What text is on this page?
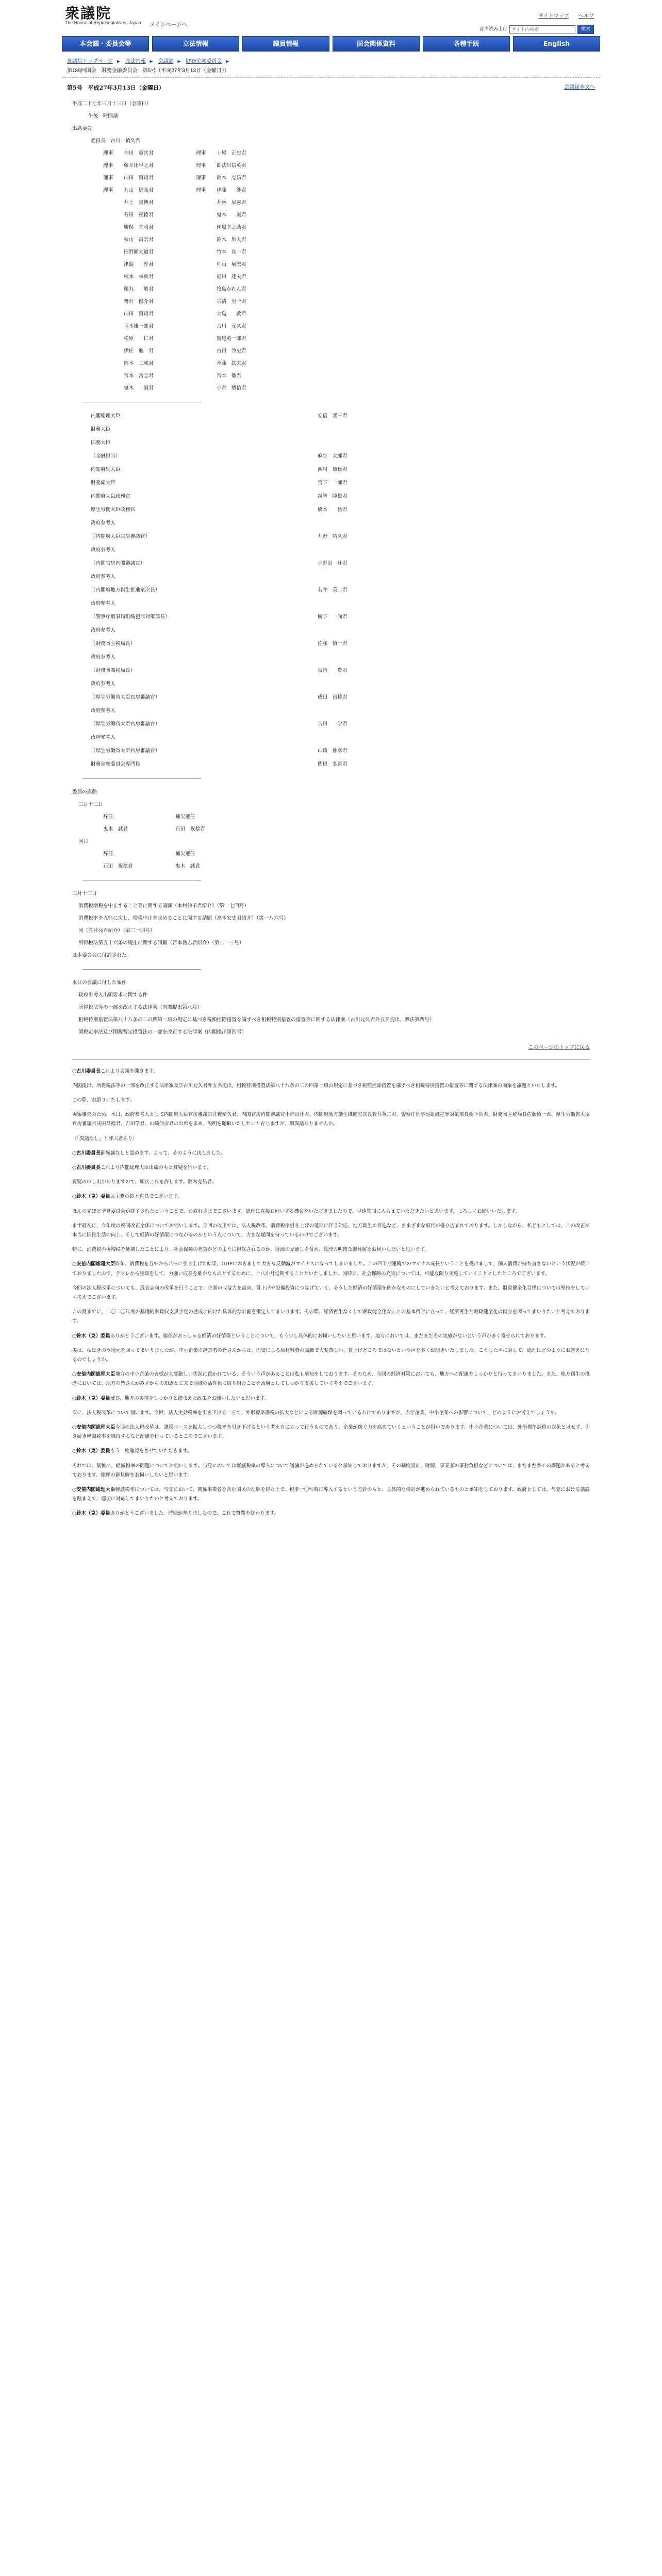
衆議院
The House of Representatives, Japan メインページへ
サイトマップ ヘルプ
音声読み上げ
サイト内検索	検索
本会議・委員会等	立法情報	議員情報	国会関係資料	各種手続	English
衆議院トップページ ▸ 立法情報 ▸ 会議録 ▸ 財務金融委員会 ▸
第189回国会　財務金融委員会　第5号（平成27年3月13日（金曜日））
第5号　平成27年3月13日（金曜日）	会議録本文へ
平成二十七年三月十三日（金曜日）
　　午後一時開議
出席委員
委員長　古川　禎久君
理事	神田　憲次君	理事	土屋　正忠君
理事	藤井比早之君	理事	御法川信英君
理事	山田　賢司君	理事	鈴木　克昌君
理事	丸山　穂高君	理事	伊藤　　渉君
井上　貴博君	井林　辰憲君
石田　祝稔君	鬼木　　誠君
勝俣　孝明君	國場幸之助君
秋山　昌宏君	鈴木　隼人君
田野瀬太道君	竹本　直一君
津島　　淳君	中山　展宏君
根本　幸典君	福田　達夫君
藤丸　　敏君	牧島かれん君
務台　俊介君	宗清　皇一君
山田　賢司君	大島　　敦君
玉木雄一郎君	古川　元久君
松原　　仁君	鷲尾英一郎君
伊佐　進一君	古田　啓史君
岡本　三成君	斉藤　鉄夫君
宮本　岳志君	宮本　徹君
鬼木　　誠君	小倉　將信君
内閣総理大臣	安倍　晋三君
財務大臣
国務大臣
（金融担当）	麻生　太郎君
内閣府副大臣	西村　康稔君
財務副大臣	宮下　一郎君
内閣府大臣政務官	越智　隆雄君
厚生労働大臣政務官	橋本　　岳君
政府参考人
（内閣府大臣官房審議官）	井野　靖久君
政府参考人
（内閣官房内閣審議官）	小野田　壮君
政府参考人
（内閣府地方創生推進室次長）	若井　英二君
政府参考人
（警察庁刑事局組織犯罪対策部長）	樹下　　尚君
政府参考人
（財務省主税局長）	佐藤　慎一君
政府参考人
（財務省関税局長）	宮内　　豊君
政府参考人
（厚生労働省大臣官房審議官）	成田　昌稔君
政府参考人
（厚生労働省大臣官房審議官）	吉田　　学君
政府参考人
（厚生労働省大臣官房審議官）	山崎　伸彦君
財務金融委員会専門員	関根　弘喜君
委員の異動
三月十三日
辞任	補欠選任
鬼木　誠君	石田　祝稔君
同日
辞任	補欠選任
石田　祝稔君	鬼木　誠君
三月十二日
消費税増税を中止すること等に関する請願（本村伸子君紹介）（第一七四号）
消費税率を五％に戻し、増税中止を求めることに関する請願（高本宏史君紹介）（第一八六号）
同（笠井亮君紹介）（第二一四号）
所得税法第五十六条の廃止に関する請願（宮本岳志君紹介）（第二一三号）
は本委員会に付託された。
本日の会議に付した案件
政府参考人出頭要求に関する件
所得税法等の一部を改正する法律案（内閣提出第八号）
租税特別措置法第八十八条の二の四第一項の規定に基づき税額控除措置を講ずべき租税特別措置の措置等に関する法律案（古川元久君外五名提出、衆法第四号）
関税定率法及び関税暫定措置法の一部を改正する法律案（内閣提出第四号）
このページのトップに戻る
○古川委員長これより会議を開きます。
内閣提出、所得税法等の一部を改正する法律案及び古川元久君外五名提出、租税特別措置法第八十八条の二の四第一項の規定に基づき税額控除措置を講ずべき租税特別措置の措置等に関する法律案の両案を議題といたします。
この際、お諮りいたします。
両案審査のため、本日、政府参考人として内閣府大臣官房審議官井野靖久君、内閣官房内閣審議官小野田壮君、内閣府地方創生推進室次長若井英二君、警察庁刑事局組織犯罪対策部長樹下尚君、財務省主税局長佐藤慎一君、厚生労働省大臣官房審議官成田昌稔君、吉田学君、山崎伸彦君の出席を求め、説明を聴取いたしたいと存じますが、御異議ありませんか。
〔「異議なし」と呼ぶ者あり〕
○古川委員長御異議なしと認めます。よって、そのように決しました。
○古川委員長これより内閣総理大臣出席のもと質疑を行います。
質疑の申し出がありますので、順次これを許します。鈴木克昌君。
○鈴木（克）委員民主党の鈴木克昌でございます。
ほんの先ほど予算委員会が終了されたということで、お疲れさまでございます。総理に直接お伺いする機会をいただきましたので、早速質問に入らせていただきたいと思います。よろしくお願いいたします。
まず最初に、今年度の税制改正全体についてお伺いします。今回の改正では、法人税改革、消費税率引き上げの延期に伴う対応、地方創生の推進など、さまざまな項目が盛り込まれております。しかしながら、私どもとしては、この改正が本当に国民生活の向上、そして経済の好循環につながるのかという点について、大きな疑問を持っているわけでございます。
特に、消費税の再増税を延期したことにより、社会保障の充実がどのように担保されるのか。財源の見通しを含め、総理の明確な御見解をお伺いしたいと思います。
○安倍内閣総理大臣昨年、消費税を五％から八％に引き上げた結果、GDPにおきまして大きな反動減がマイナスになってしまいました。この四半期連続でのマイナス成長ということを受けまして、個人消費が持ち直さないという状況が続いておりましたので、デフレから脱却をして、力強い成長を確かなものとするために、十八か月延期することといたしました。同時に、社会保障の充実については、可能な限り実施していくこととしたところでございます。
今回の法人税改革についても、成長志向の改革を行うことで、企業の収益力を高め、賃上げや設備投資につなげていく、そうした経済の好循環を確かなものにしていきたいと考えております。また、財政健全化目標については堅持をしていく考えでございます。
この夏までに、二〇二〇年度の基礎的財政収支黒字化の達成に向けた具体的な計画を策定してまいります。その際、経済再生なくして財政健全化なしとの基本哲学に立って、経済再生と財政健全化の両立を図ってまいりたいと考えております。
○鈴木（克）委員ありがとうございます。総理がおっしゃる経済の好循環ということについて、もう少し具体的にお伺いしたいと思います。地方においては、まだまだその実感がないという声が多く寄せられております。
実は、私はきのう地元を回ってまいりましたが、中小企業の経営者の皆さんからは、円安による原材料費の高騰で大変苦しい、賃上げどころではないという声を多くお聞きいたしました。こうした声に対して、総理はどのようにお答えになるのでしょうか。
○安倍内閣総理大臣地方の中小企業の皆様が大変厳しい状況に置かれている、そういう声があることは私も承知をしております。そのため、今回の経済対策においても、地方への配慮をしっかりと行ってまいりました。また、地方創生の推進においては、地方の皆さんがみずからの知恵と工夫で地域の活性化に取り組むことを政府としてしっかり支援していく考えでございます。
○鈴木（克）委員ぜひ、地方の実情をしっかりと踏まえた政策をお願いしたいと思います。
次に、法人税改革について伺います。今回、法人実効税率を引き下げる一方で、外形標準課税の拡大などによる財源確保を図っているわけでありますが、赤字企業、中小企業への影響について、どのようにお考えでしょうか。
○安倍内閣総理大臣今回の法人税改革は、課税ベースを拡大しつつ税率を引き下げるという考え方に立って行うものであり、企業が稼ぐ力を高めていくということが狙いであります。中小企業については、外形標準課税の対象とはせず、引き続き軽減税率を維持するなど配慮を行っているところでございます。
○鈴木（克）委員もう一度確認をさせていただきます。
それでは、最後に、軽減税率の問題についてお伺いします。与党においては軽減税率の導入について議論が進められていると承知しておりますが、その制度設計、財源、事業者の事務負担などについては、まだまだ多くの課題があると考えております。総理の御見解をお伺いしたいと思います。
○安倍内閣総理大臣軽減税率については、与党において、関係事業者を含む国民の理解を得た上で、税率一〇％時に導入するという方針のもと、具体的な検討が進められているものと承知をしております。政府としては、与党における議論を踏まえて、適切に対応してまいりたいと考えております。
○鈴木（克）委員ありがとうございました。時間が参りましたので、これで質問を終わります。
